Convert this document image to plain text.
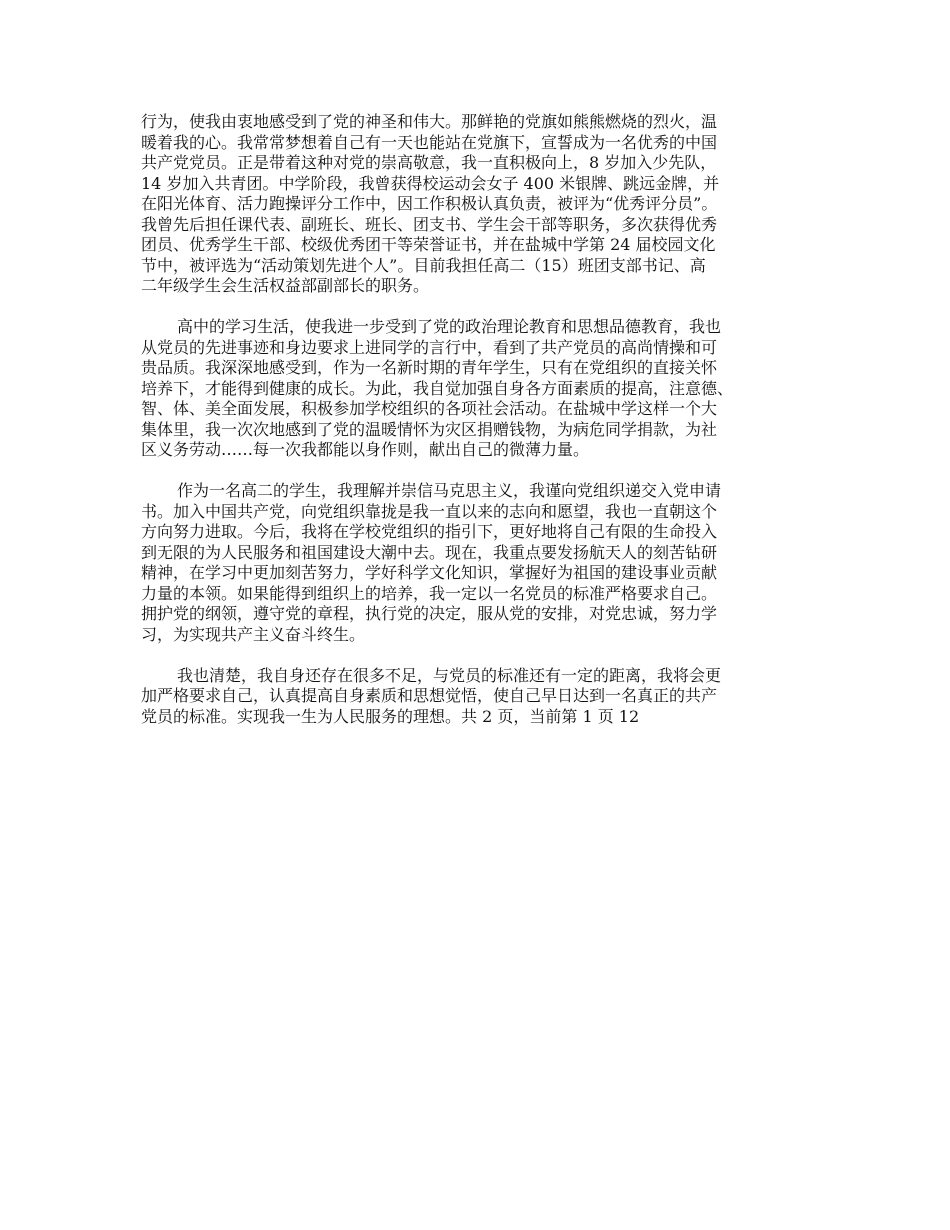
行为，使我由衷地感受到了党的神圣和伟大。那鲜艳的党旗如熊熊燃烧的烈火，温
暖着我的心。我常常梦想着自己有一天也能站在党旗下，宣誓成为一名优秀的中国
共产党党员。正是带着这种对党的崇高敬意，我一直积极向上，8 岁加入少先队，
14 岁加入共青团。中学阶段，我曾获得校运动会女子 400 米银牌、跳远金牌，并
在阳光体育、活力跑操评分工作中，因工作积极认真负责，被评为“优秀评分员”。
我曾先后担任课代表、副班长、班长、团支书、学生会干部等职务，多次获得优秀
团员、优秀学生干部、校级优秀团干等荣誉证书，并在盐城中学第 24 届校园文化
节中，被评选为“活动策划先进个人”。目前我担任高二（15）班团支部书记、高
二年级学生会生活权益部副部长的职务。
高中的学习生活，使我进一步受到了党的政治理论教育和思想品德教育，我也
从党员的先进事迹和身边要求上进同学的言行中，看到了共产党员的高尚情操和可
贵品质。我深深地感受到，作为一名新时期的青年学生，只有在党组织的直接关怀
培养下，才能得到健康的成长。为此，我自觉加强自身各方面素质的提高，注意德、
智、体、美全面发展，积极参加学校组织的各项社会活动。在盐城中学这样一个大
集体里，我一次次地感到了党的温暖情怀为灾区捐赠钱物，为病危同学捐款，为社
区义务劳动……每一次我都能以身作则，献出自己的微薄力量。
作为一名高二的学生，我理解并崇信马克思主义，我谨向党组织递交入党申请
书。加入中国共产党，向党组织靠拢是我一直以来的志向和愿望，我也一直朝这个
方向努力进取。今后，我将在学校党组织的指引下，更好地将自己有限的生命投入
到无限的为人民服务和祖国建设大潮中去。现在，我重点要发扬航天人的刻苦钻研
精神，在学习中更加刻苦努力，学好科学文化知识，掌握好为祖国的建设事业贡献
力量的本领。如果能得到组织上的培养，我一定以一名党员的标准严格要求自己。
拥护党的纲领，遵守党的章程，执行党的决定，服从党的安排，对党忠诚，努力学
习，为实现共产主义奋斗终生。
我也清楚，我自身还存在很多不足，与党员的标准还有一定的距离，我将会更
加严格要求自己，认真提高自身素质和思想觉悟，使自己早日达到一名真正的共产
党员的标准。实现我一生为人民服务的理想。共 2 页，当前第 1 页 12
